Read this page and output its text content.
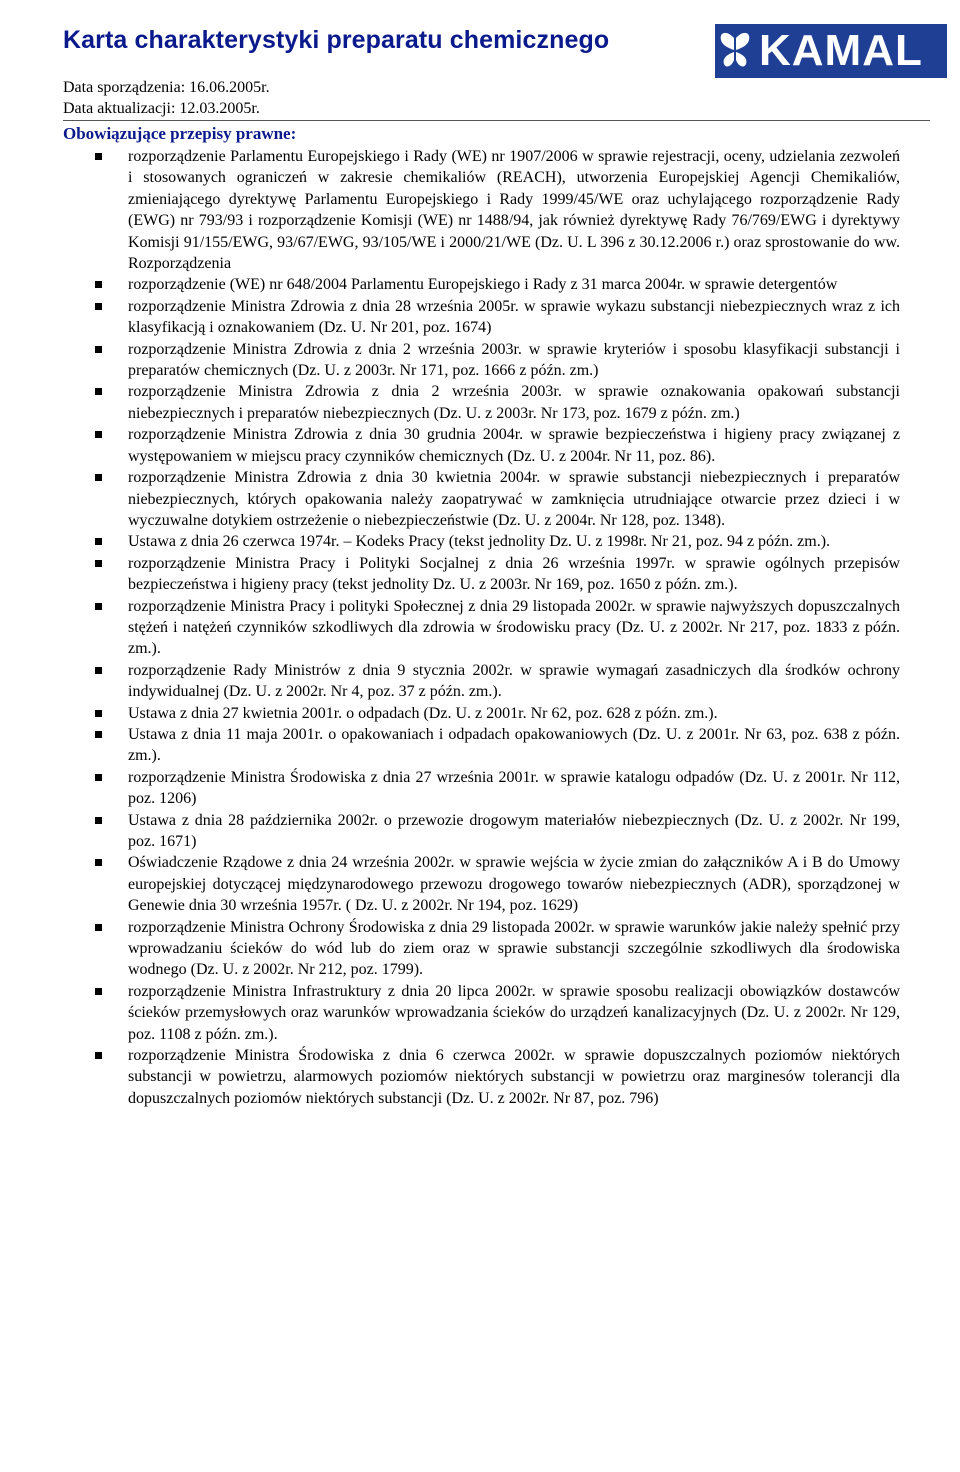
Karta charakterystyki preparatu chemicznego	KAMAL
Data sporządzenia: 16.06.2005r.
Data aktualizacji: 12.03.2005r.
Obowiązujące przepisy prawne:
rozporządzenie Parlamentu Europejskiego i Rady (WE) nr 1907/2006 w sprawie rejestracji, oceny, udzielania zezwoleń i stosowanych ograniczeń w zakresie chemikaliów (REACH), utworzenia Europejskiej Agencji Chemikaliów, zmieniającego dyrektywę Parlamentu Europejskiego i Rady 1999/45/WE oraz uchylającego rozporządzenie Rady (EWG) nr 793/93 i rozporządzenie Komisji (WE) nr 1488/94, jak również dyrektywę Rady 76/769/EWG i dyrektywy Komisji 91/155/EWG, 93/67/EWG, 93/105/WE i 2000/21/WE (Dz. U. L 396 z 30.12.2006 r.) oraz sprostowanie do ww. Rozporządzenia
rozporządzenie (WE) nr 648/2004 Parlamentu Europejskiego i Rady z 31 marca 2004r. w sprawie detergentów
rozporządzenie Ministra Zdrowia z dnia 28 września 2005r. w sprawie wykazu substancji niebezpiecznych wraz z ich klasyfikacją i oznakowaniem (Dz. U. Nr 201, poz. 1674)
rozporządzenie Ministra Zdrowia z dnia 2 września 2003r. w sprawie kryteriów i sposobu klasyfikacji substancji i preparatów chemicznych (Dz. U. z 2003r. Nr 171, poz. 1666 z późn. zm.)
rozporządzenie Ministra Zdrowia z dnia 2 września 2003r. w sprawie oznakowania opakowań substancji niebezpiecznych i preparatów niebezpiecznych (Dz. U. z 2003r. Nr 173, poz. 1679 z późn. zm.)
rozporządzenie Ministra Zdrowia z dnia 30 grudnia 2004r. w sprawie bezpieczeństwa i higieny pracy związanej z występowaniem w miejscu pracy czynników chemicznych (Dz. U. z 2004r. Nr 11, poz. 86).
rozporządzenie Ministra Zdrowia z dnia 30 kwietnia 2004r. w sprawie substancji niebezpiecznych i preparatów niebezpiecznych, których opakowania należy zaopatrywać w zamknięcia utrudniające otwarcie przez dzieci i w wyczuwalne dotykiem ostrzeżenie o niebezpieczeństwie (Dz. U. z 2004r. Nr 128, poz. 1348).
Ustawa z dnia 26 czerwca 1974r. – Kodeks Pracy (tekst jednolity Dz. U. z 1998r. Nr 21, poz. 94 z późn. zm.).
rozporządzenie Ministra Pracy i Polityki Socjalnej z dnia 26 września 1997r. w sprawie ogólnych przepisów bezpieczeństwa i higieny pracy (tekst jednolity Dz. U. z 2003r. Nr 169, poz. 1650 z późn. zm.).
rozporządzenie Ministra Pracy i polityki Społecznej z dnia 29 listopada 2002r. w sprawie najwyższych dopuszczalnych stężeń i natężeń czynników szkodliwych dla zdrowia w środowisku pracy (Dz. U. z 2002r. Nr 217, poz. 1833 z późn. zm.).
rozporządzenie Rady Ministrów z dnia 9 stycznia 2002r. w sprawie wymagań zasadniczych dla środków ochrony indywidualnej (Dz. U. z 2002r. Nr 4, poz. 37 z późn. zm.).
Ustawa z dnia 27 kwietnia 2001r. o odpadach (Dz. U. z 2001r. Nr 62, poz. 628 z późn. zm.).
Ustawa z dnia 11 maja 2001r. o opakowaniach i odpadach opakowaniowych (Dz. U. z 2001r. Nr 63, poz. 638 z późn. zm.).
rozporządzenie Ministra Środowiska z dnia 27 września 2001r. w sprawie katalogu odpadów (Dz. U. z 2001r. Nr 112, poz. 1206)
Ustawa z dnia 28 października 2002r. o przewozie drogowym materiałów niebezpiecznych (Dz. U. z 2002r. Nr 199, poz. 1671)
Oświadczenie Rządowe z dnia 24 września 2002r. w sprawie wejścia w życie zmian do załączników A i B do Umowy europejskiej dotyczącej międzynarodowego przewozu drogowego towarów niebezpiecznych (ADR), sporządzonej w Genewie dnia 30 września 1957r. ( Dz. U. z 2002r. Nr 194, poz. 1629)
rozporządzenie Ministra Ochrony Środowiska z dnia 29 listopada 2002r. w sprawie warunków jakie należy spełnić przy wprowadzaniu ścieków do wód lub do ziem oraz w sprawie substancji szczególnie szkodliwych dla środowiska wodnego (Dz. U. z 2002r. Nr 212, poz. 1799).
rozporządzenie Ministra Infrastruktury z dnia 20 lipca 2002r. w sprawie sposobu realizacji obowiązków dostawców ścieków przemysłowych oraz warunków wprowadzania ścieków do urządzeń kanalizacyjnych (Dz. U. z 2002r. Nr 129, poz. 1108 z późn. zm.).
rozporządzenie Ministra Środowiska z dnia 6 czerwca 2002r. w sprawie dopuszczalnych poziomów niektórych substancji w powietrzu, alarmowych poziomów niektórych substancji w powietrzu oraz marginesów tolerancji dla dopuszczalnych poziomów niektórych substancji (Dz. U. z 2002r. Nr 87, poz. 796)
